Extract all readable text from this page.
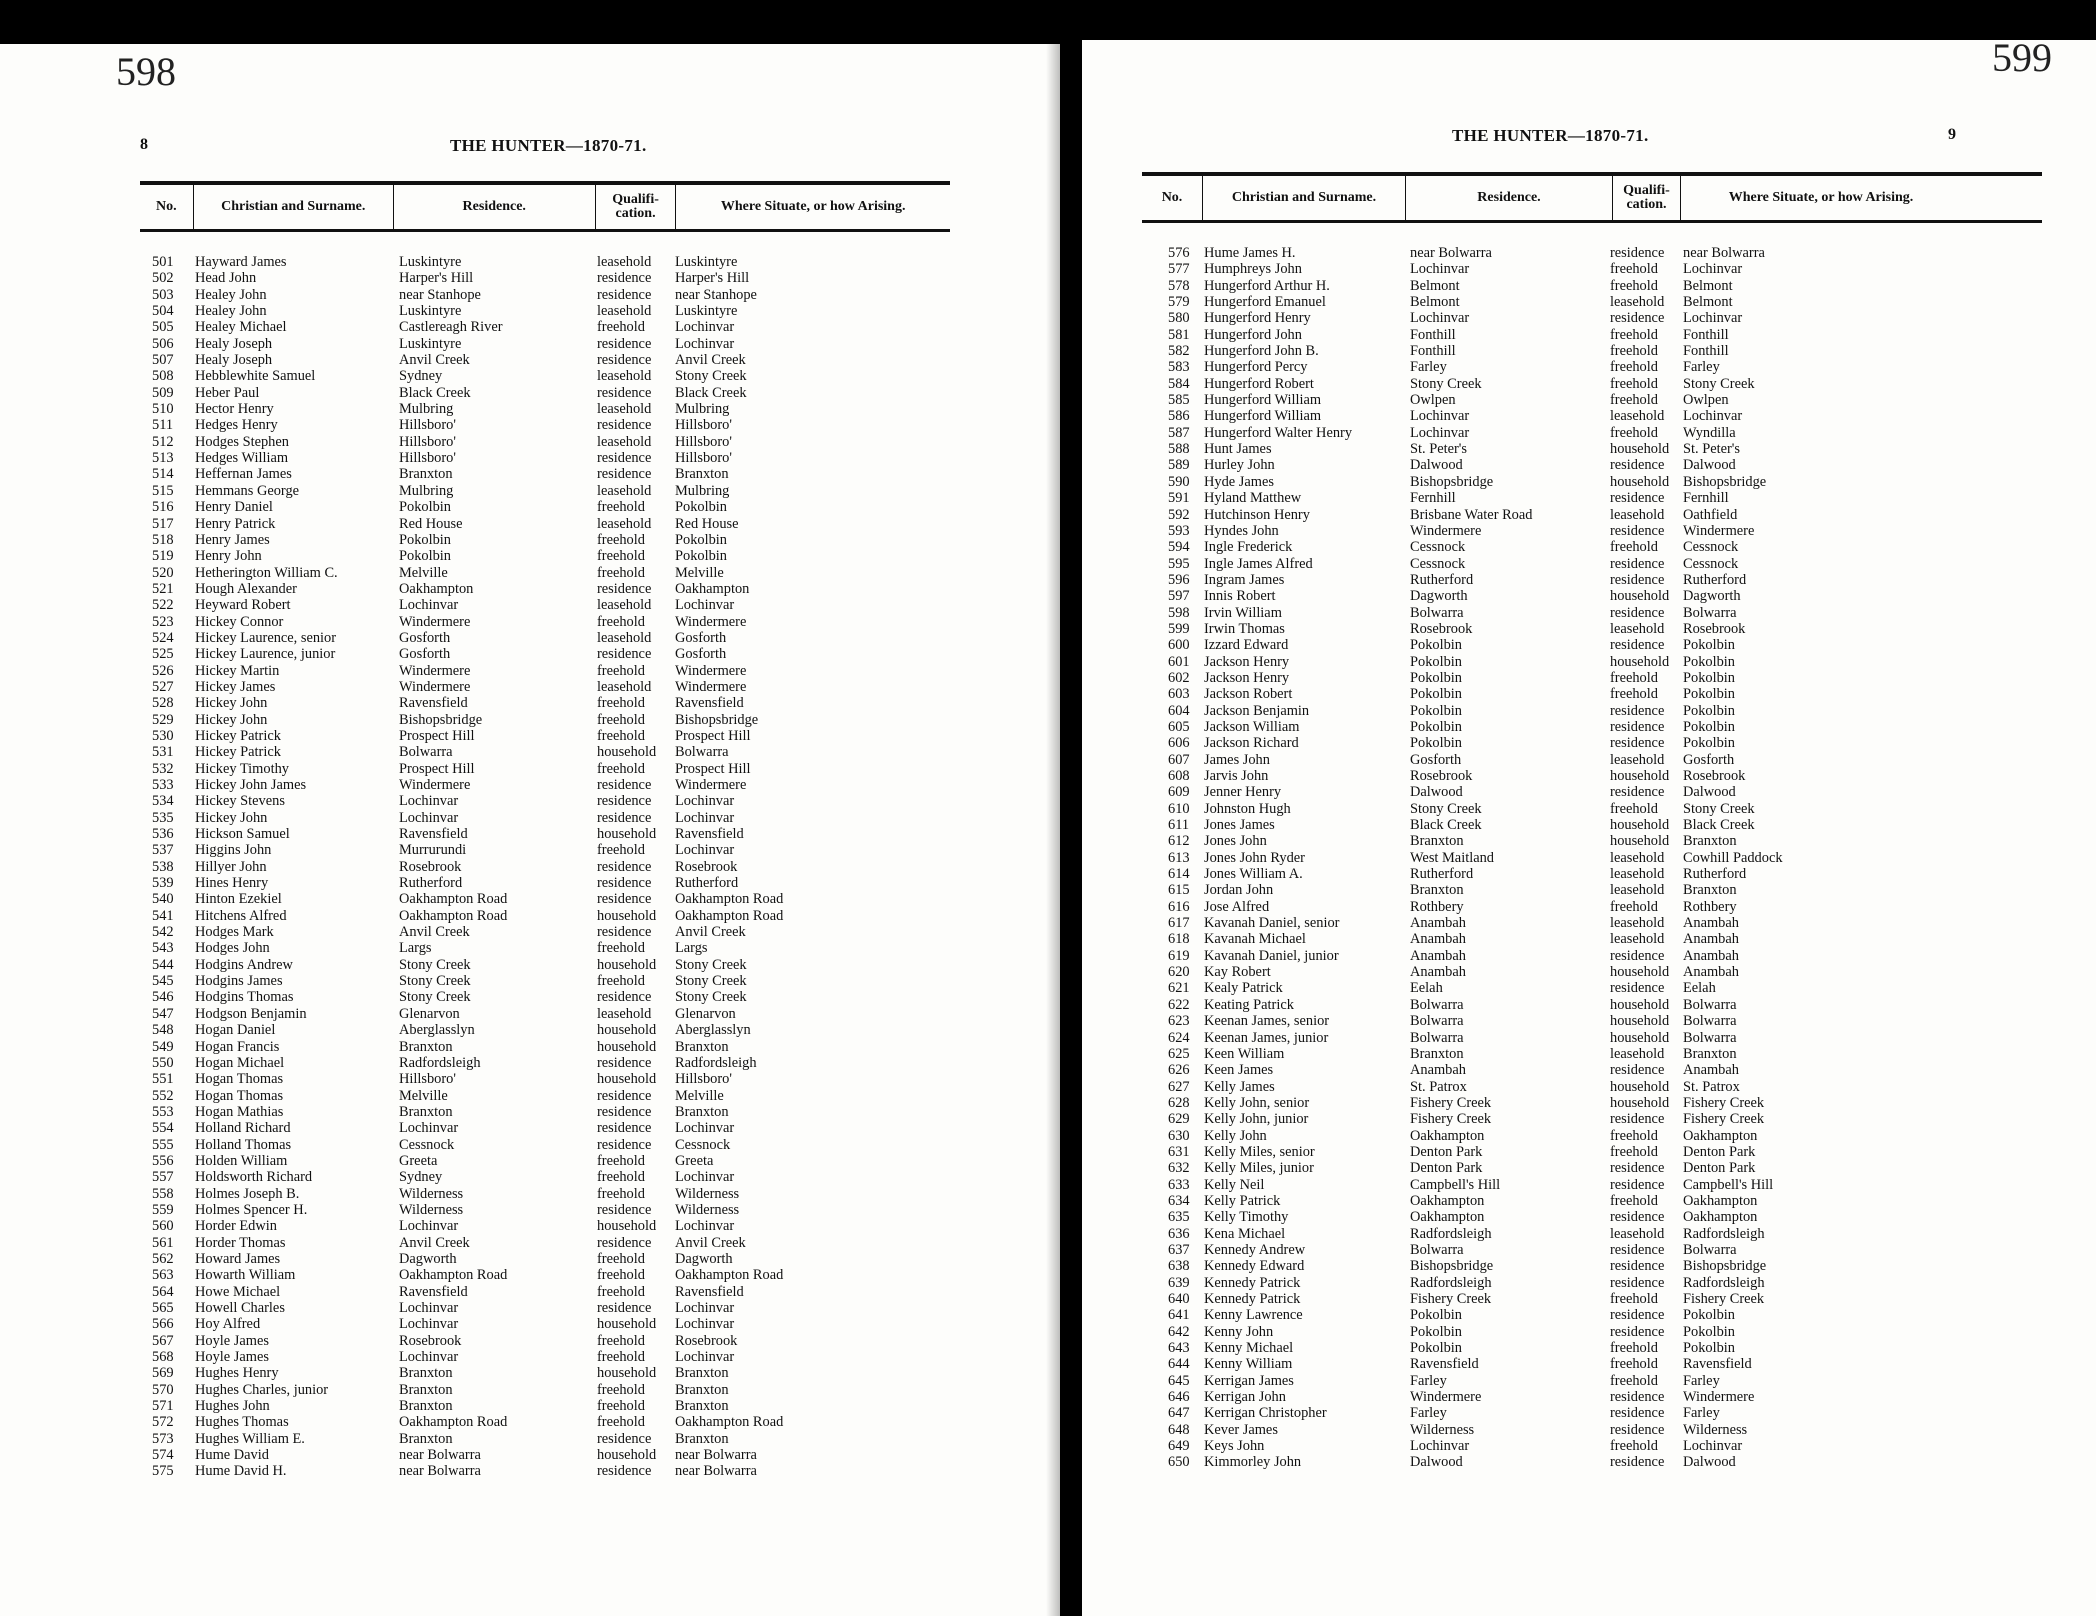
598
8	THE HUNTER—1870-71.
No.	Christian and Surname.	Residence.	Qualifi-cation.	Where Situate, or how Arising.
501	Hayward James	Luskintyre	leasehold	Luskintyre
502	Head John	Harper's Hill	residence	Harper's Hill
503	Healey John	near Stanhope	residence	near Stanhope
504	Healey John	Luskintyre	leasehold	Luskintyre
505	Healey Michael	Castlereagh River	freehold	Lochinvar
506	Healy Joseph	Luskintyre	residence	Lochinvar
507	Healy Joseph	Anvil Creek	residence	Anvil Creek
508	Hebblewhite Samuel	Sydney	leasehold	Stony Creek
509	Heber Paul	Black Creek	residence	Black Creek
510	Hector Henry	Mulbring	leasehold	Mulbring
511	Hedges Henry	Hillsboro'	residence	Hillsboro'
512	Hodges Stephen	Hillsboro'	leasehold	Hillsboro'
513	Hedges William	Hillsboro'	residence	Hillsboro'
514	Heffernan James	Branxton	residence	Branxton
515	Hemmans George	Mulbring	leasehold	Mulbring
516	Henry Daniel	Pokolbin	freehold	Pokolbin
517	Henry Patrick	Red House	leasehold	Red House
518	Henry James	Pokolbin	freehold	Pokolbin
519	Henry John	Pokolbin	freehold	Pokolbin
520	Hetherington William C.	Melville	freehold	Melville
521	Hough Alexander	Oakhampton	residence	Oakhampton
522	Heyward Robert	Lochinvar	leasehold	Lochinvar
523	Hickey Connor	Windermere	freehold	Windermere
524	Hickey Laurence, senior	Gosforth	leasehold	Gosforth
525	Hickey Laurence, junior	Gosforth	residence	Gosforth
526	Hickey Martin	Windermere	freehold	Windermere
527	Hickey James	Windermere	leasehold	Windermere
528	Hickey John	Ravensfield	freehold	Ravensfield
529	Hickey John	Bishopsbridge	freehold	Bishopsbridge
530	Hickey Patrick	Prospect Hill	freehold	Prospect Hill
531	Hickey Patrick	Bolwarra	household	Bolwarra
532	Hickey Timothy	Prospect Hill	freehold	Prospect Hill
533	Hickey John James	Windermere	residence	Windermere
534	Hickey Stevens	Lochinvar	residence	Lochinvar
535	Hickey John	Lochinvar	residence	Lochinvar
536	Hickson Samuel	Ravensfield	household	Ravensfield
537	Higgins John	Murrurundi	freehold	Lochinvar
538	Hillyer John	Rosebrook	residence	Rosebrook
539	Hines Henry	Rutherford	residence	Rutherford
540	Hinton Ezekiel	Oakhampton Road	residence	Oakhampton Road
541	Hitchens Alfred	Oakhampton Road	household	Oakhampton Road
542	Hodges Mark	Anvil Creek	residence	Anvil Creek
543	Hodges John	Largs	freehold	Largs
544	Hodgins Andrew	Stony Creek	household	Stony Creek
545	Hodgins James	Stony Creek	freehold	Stony Creek
546	Hodgins Thomas	Stony Creek	residence	Stony Creek
547	Hodgson Benjamin	Glenarvon	leasehold	Glenarvon
548	Hogan Daniel	Aberglasslyn	household	Aberglasslyn
549	Hogan Francis	Branxton	household	Branxton
550	Hogan Michael	Radfordsleigh	residence	Radfordsleigh
551	Hogan Thomas	Hillsboro'	household	Hillsboro'
552	Hogan Thomas	Melville	residence	Melville
553	Hogan Mathias	Branxton	residence	Branxton
554	Holland Richard	Lochinvar	residence	Lochinvar
555	Holland Thomas	Cessnock	residence	Cessnock
556	Holden William	Greeta	freehold	Greeta
557	Holdsworth Richard	Sydney	freehold	Lochinvar
558	Holmes Joseph B.	Wilderness	freehold	Wilderness
559	Holmes Spencer H.	Wilderness	residence	Wilderness
560	Horder Edwin	Lochinvar	household	Lochinvar
561	Horder Thomas	Anvil Creek	residence	Anvil Creek
562	Howard James	Dagworth	freehold	Dagworth
563	Howarth William	Oakhampton Road	freehold	Oakhampton Road
564	Howe Michael	Ravensfield	freehold	Ravensfield
565	Howell Charles	Lochinvar	residence	Lochinvar
566	Hoy Alfred	Lochinvar	household	Lochinvar
567	Hoyle James	Rosebrook	freehold	Rosebrook
568	Hoyle James	Lochinvar	freehold	Lochinvar
569	Hughes Henry	Branxton	household	Branxton
570	Hughes Charles, junior	Branxton	freehold	Branxton
571	Hughes John	Branxton	freehold	Branxton
572	Hughes Thomas	Oakhampton Road	freehold	Oakhampton Road
573	Hughes William E.	Branxton	residence	Branxton
574	Hume David	near Bolwarra	household	near Bolwarra
575	Hume David H.	near Bolwarra	residence	near Bolwarra
599
9
THE HUNTER—1870-71.
No.	Christian and Surname.	Residence.	Qualifi-cation.	Where Situate, or how Arising.
576	Hume James H.	near Bolwarra	residence	near Bolwarra
577	Humphreys John	Lochinvar	freehold	Lochinvar
578	Hungerford Arthur H.	Belmont	freehold	Belmont
579	Hungerford Emanuel	Belmont	leasehold	Belmont
580	Hungerford Henry	Lochinvar	residence	Lochinvar
581	Hungerford John	Fonthill	freehold	Fonthill
582	Hungerford John B.	Fonthill	freehold	Fonthill
583	Hungerford Percy	Farley	freehold	Farley
584	Hungerford Robert	Stony Creek	freehold	Stony Creek
585	Hungerford William	Owlpen	freehold	Owlpen
586	Hungerford William	Lochinvar	leasehold	Lochinvar
587	Hungerford Walter Henry	Lochinvar	freehold	Wyndilla
588	Hunt James	St. Peter's	household St. Peter's
589	Hurley John	Dalwood	residence	Dalwood
590	Hyde James	Bishopsbridge	household Bishopsbridge
591	Hyland Matthew	Fernhill	residence	Fernhill
592	Hutchinson Henry	Brisbane Water Road	leasehold	Oathfield
593	Hyndes John	Windermere	residence	Windermere
594	Ingle Frederick	Cessnock	freehold	Cessnock
595	Ingle James Alfred	Cessnock	residence	Cessnock
596	Ingram James	Rutherford	residence	Rutherford
597	Innis Robert	Dagworth	household Dagworth
598	Irvin William	Bolwarra	residence	Bolwarra
599	Irwin Thomas	Rosebrook	leasehold	Rosebrook
600	Izzard Edward	Pokolbin	residence	Pokolbin
601	Jackson Henry	Pokolbin	household Pokolbin
602	Jackson Henry	Pokolbin	freehold	Pokolbin
603	Jackson Robert	Pokolbin	freehold	Pokolbin
604	Jackson Benjamin	Pokolbin	residence	Pokolbin
605	Jackson William	Pokolbin	residence	Pokolbin
606	Jackson Richard	Pokolbin	residence	Pokolbin
607	James John	Gosforth	leasehold	Gosforth
608	Jarvis John	Rosebrook	household Rosebrook
609	Jenner Henry	Dalwood	residence	Dalwood
610	Johnston Hugh	Stony Creek	freehold	Stony Creek
611	Jones James	Black Creek	household Black Creek
612	Jones John	Branxton	household Branxton
613	Jones John Ryder	West Maitland	leasehold	Cowhill Paddock
614	Jones William A.	Rutherford	leasehold	Rutherford
615	Jordan John	Branxton	leasehold	Branxton
616	Jose Alfred	Rothbery	freehold	Rothbery
617	Kavanah Daniel, senior	Anambah	leasehold	Anambah
618	Kavanah Michael	Anambah	leasehold	Anambah
619	Kavanah Daniel, junior	Anambah	residence	Anambah
620	Kay Robert	Anambah	household Anambah
621	Kealy Patrick	Eelah	residence	Eelah
622	Keating Patrick	Bolwarra	household Bolwarra
623	Keenan James, senior	Bolwarra	household Bolwarra
624	Keenan James, junior	Bolwarra	household Bolwarra
625	Keen William	Branxton	leasehold	Branxton
626	Keen James	Anambah	residence	Anambah
627	Kelly James	St. Patrox	household St. Patrox
628	Kelly John, senior	Fishery Creek	household Fishery Creek
629	Kelly John, junior	Fishery Creek	residence	Fishery Creek
630	Kelly John	Oakhampton	freehold	Oakhampton
631	Kelly Miles, senior	Denton Park	freehold	Denton Park
632	Kelly Miles, junior	Denton Park	residence	Denton Park
633	Kelly Neil	Campbell's Hill	residence	Campbell's Hill
634	Kelly Patrick	Oakhampton	freehold	Oakhampton
635	Kelly Timothy	Oakhampton	residence	Oakhampton
636	Kena Michael	Radfordsleigh	leasehold	Radfordsleigh
637	Kennedy Andrew	Bolwarra	residence	Bolwarra
638	Kennedy Edward	Bishopsbridge	residence	Bishopsbridge
639	Kennedy Patrick	Radfordsleigh	residence	Radfordsleigh
640	Kennedy Patrick	Fishery Creek	freehold	Fishery Creek
641	Kenny Lawrence	Pokolbin	residence	Pokolbin
642	Kenny John	Pokolbin	residence	Pokolbin
643	Kenny Michael	Pokolbin	freehold	Pokolbin
644	Kenny William	Ravensfield	freehold	Ravensfield
645	Kerrigan James	Farley	freehold	Farley
646	Kerrigan John	Windermere	residence	Windermere
647	Kerrigan Christopher	Farley	residence	Farley
648	Kever James	Wilderness	residence	Wilderness
649	Keys John	Lochinvar	freehold	Lochinvar
650	Kimmorley John	Dalwood	residence	Dalwood
